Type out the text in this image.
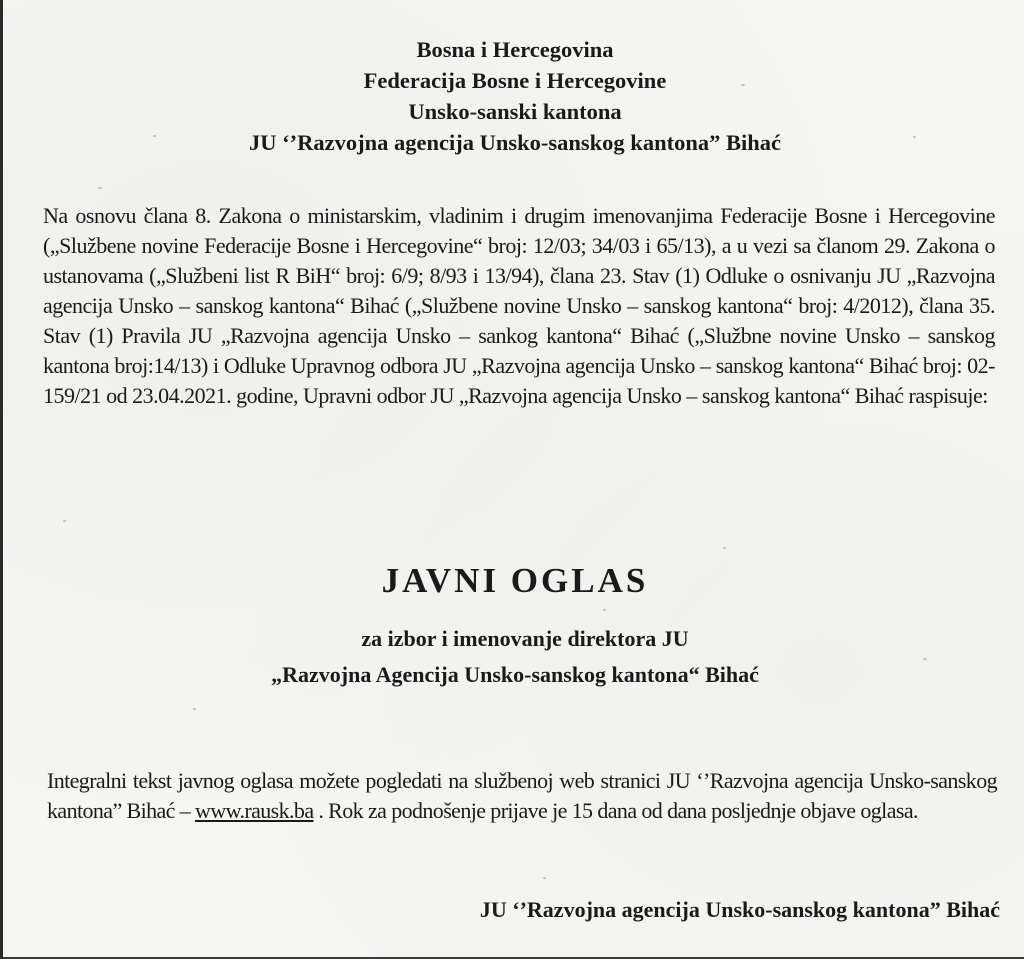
Bosna i Hercegovina
Federacija Bosne i Hercegovine
Unsko-sanski kantona
JU ‘’Razvojna agencija Unsko-sanskog kantona” Bihać
Na osnovu člana 8. Zakona o ministarskim, vladinim i drugim imenovanjima Federacije Bosne i Hercegovine („Službene novine Federacije Bosne i Hercegovine“ broj: 12/03; 34/03 i 65/13), a u vezi sa članom 29. Zakona o ustanovama („Službeni list R BiH“ broj: 6/9; 8/93 i 13/94), člana 23. Stav (1) Odluke o osnivanju JU „Razvojna agencija Unsko – sanskog kantona“ Bihać („Službene novine Unsko – sanskog kantona“ broj: 4/2012), člana 35. Stav (1) Pravila JU „Razvojna agencija Unsko – sankog kantona“ Bihać („Službne novine Unsko – sanskog kantona broj:14/13) i Odluke Upravnog odbora JU „Razvojna agencija Unsko – sanskog kantona“ Bihać broj: 02-159/21 od 23.04.2021. godine, Upravni odbor JU „Razvojna agencija Unsko – sanskog kantona“ Bihać raspisuje:
JAVNI OGLAS
za izbor i imenovanje direktora JU
„Razvojna Agencija Unsko-sanskog kantona“ Bihać
Integralni tekst javnog oglasa možete pogledati na službenoj web stranici JU ‘’Razvojna agencija Unsko-sanskog kantona” Bihać – www.rausk.ba . Rok za podnošenje prijave je 15 dana od dana posljednje objave oglasa.
JU ‘’Razvojna agencija Unsko-sanskog kantona” Bihać
